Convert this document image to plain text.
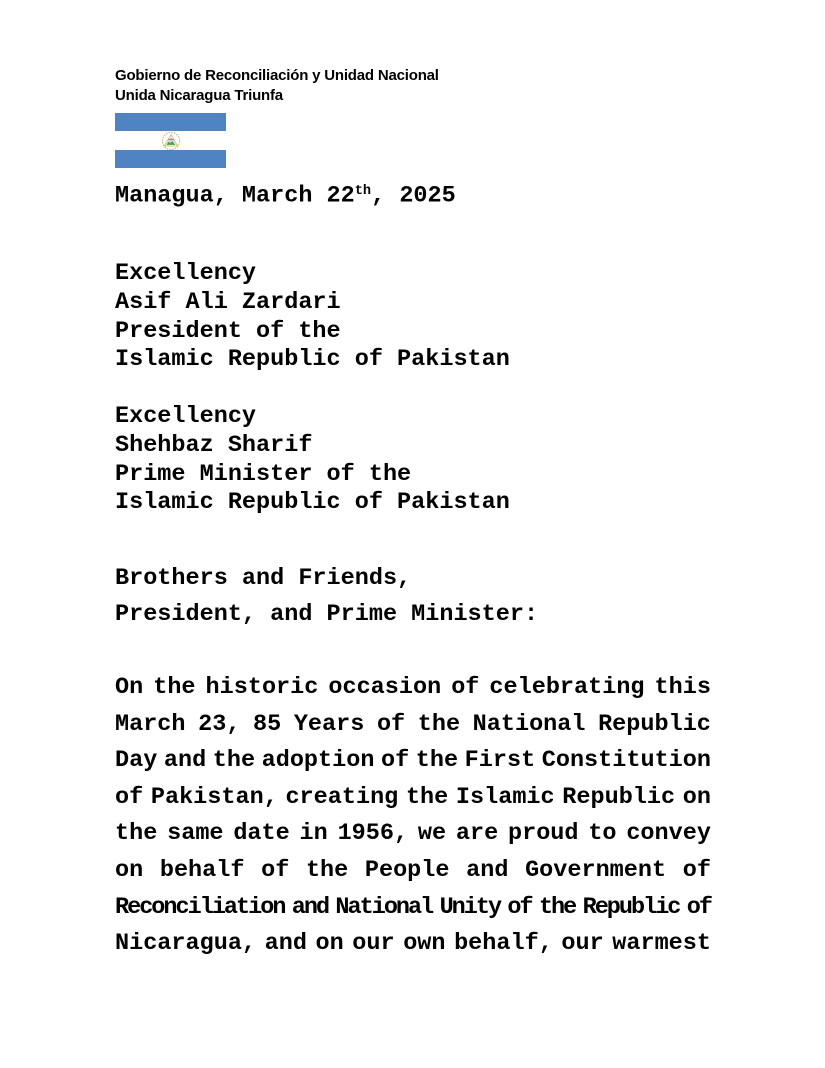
Gobierno de Reconciliación y Unidad Nacional
Unida Nicaragua Triunfa
Managua, March 22th, 2025
Excellency
Asif Ali Zardari
President of the
Islamic Republic of Pakistan
Excellency
Shehbaz Sharif
Prime Minister of the
Islamic Republic of Pakistan
Brothers and Friends,
President, and Prime Minister:
On the historic occasion of celebrating this
March 23, 85 Years of the National Republic
Day and the adoption of the First Constitution
of Pakistan, creating the Islamic Republic on
the same date in 1956, we are proud to convey
on behalf of the People and Government of
Reconciliation and National Unity of the Republic of
Nicaragua, and on our own behalf, our warmest
